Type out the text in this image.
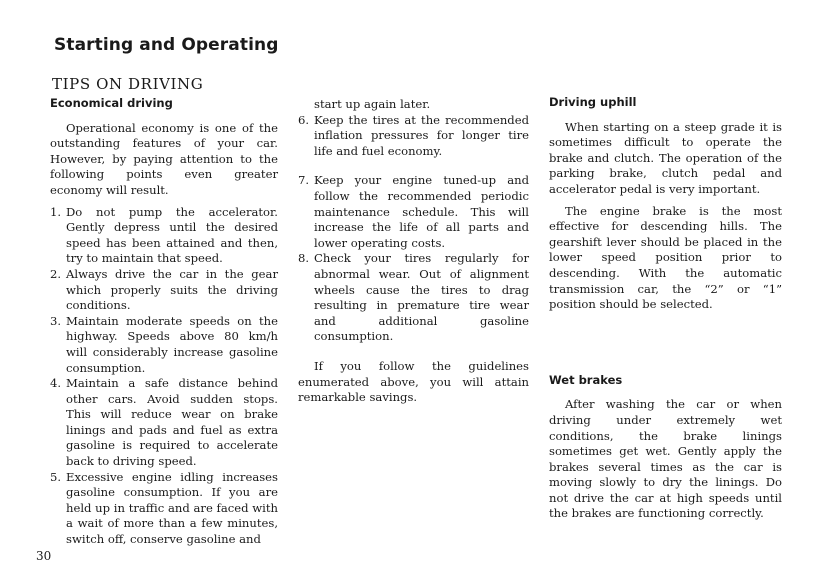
Starting and Operating
TIPS ON DRIVING
Economical driving

Operational economy is one of the outstanding features of your car. However, by paying attention to the following points even greater economy will result.

1. Do not pump the accelerator. Gently depress until the desired speed has been attained and then, try to maintain that speed.
2. Always drive the car in the gear which properly suits the driving conditions.
3. Maintain moderate speeds on the highway. Speeds above 80 km/h will considerably increase gasoline consumption.
4. Maintain a safe distance behind other cars. Avoid sudden stops. This will reduce wear on brake linings and pads and fuel as extra gasoline is required to accelerate back to driving speed.
5. Excessive engine idling increases gasoline consumption. If you are held up in traffic and are faced with a wait of more than a few minutes, switch off, conserve gasoline and
start up again later.
6. Keep the tires at the recommended inflation pressures for longer tire life and fuel economy.
7. Keep your engine tuned-up and follow the recommended periodic maintenance schedule. This will increase the life of all parts and lower operating costs.
8. Check your tires regularly for abnormal wear. Out of alignment wheels cause the tires to drag resulting in premature tire wear and additional gasoline consumption.

If you follow the guidelines enumerated above, you will attain remarkable savings.

Driving uphill

When starting on a steep grade it is sometimes difficult to operate the brake and clutch. The operation of the parking brake, clutch pedal and accelerator pedal is very important.

The engine brake is the most effective for descending hills. The gearshift lever should be placed in the lower speed position prior to descending. With the automatic transmission car, the “2” or “1” position should be selected.

Wet brakes

After washing the car or when driving under extremely wet conditions, the brake linings sometimes get wet. Gently apply the brakes several times as the car is moving slowly to dry the linings. Do not drive the car at high speeds until the brakes are functioning correctly.

30
